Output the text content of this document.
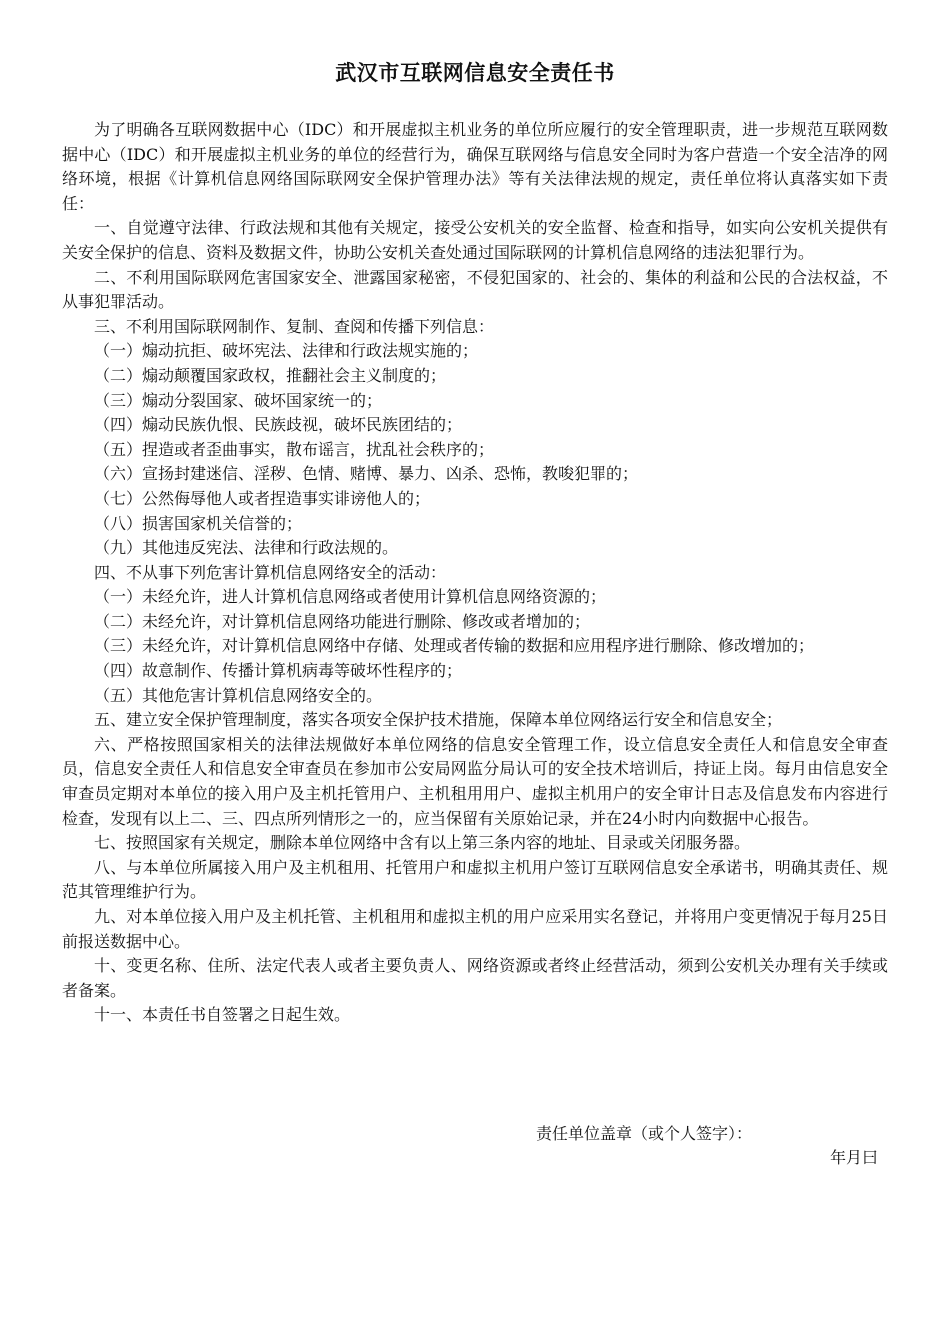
武汉市互联网信息安全责任书

为了明确各互联网数据中心（IDC）和开展虚拟主机业务的单位所应履行的安全管理职责，进一步规范互联网数据中心（IDC）和开展虚拟主机业务的单位的经营行为，确保互联网络与信息安全同时为客户营造一个安全洁净的网络环境，根据《计算机信息网络国际联网安全保护管理办法》等有关法律法规的规定，责任单位将认真落实如下责任：

一、自觉遵守法律、行政法规和其他有关规定，接受公安机关的安全监督、检查和指导，如实向公安机关提供有关安全保护的信息、资料及数据文件，协助公安机关查处通过国际联网的计算机信息网络的违法犯罪行为。

二、不利用国际联网危害国家安全、泄露国家秘密，不侵犯国家的、社会的、集体的利益和公民的合法权益，不从事犯罪活动。

三、不利用国际联网制作、复制、查阅和传播下列信息：

（一）煽动抗拒、破坏宪法、法律和行政法规实施的；

（二）煽动颠覆国家政权，推翻社会主义制度的；

（三）煽动分裂国家、破坏国家统一的；

（四）煽动民族仇恨、民族歧视，破坏民族团结的；

（五）捏造或者歪曲事实，散布谣言，扰乱社会秩序的；

（六）宣扬封建迷信、淫秽、色情、赌博、暴力、凶杀、恐怖，教唆犯罪的；

（七）公然侮辱他人或者捏造事实诽谤他人的；

（八）损害国家机关信誉的；

（九）其他违反宪法、法律和行政法规的。

四、不从事下列危害计算机信息网络安全的活动：

（一）未经允许，进人计算机信息网络或者使用计算机信息网络资源的；

（二）未经允许，对计算机信息网络功能进行删除、修改或者增加的；

（三）未经允许，对计算机信息网络中存储、处理或者传输的数据和应用程序进行删除、修改增加的；

（四）故意制作、传播计算机病毒等破坏性程序的；

（五）其他危害计算机信息网络安全的。

五、建立安全保护管理制度，落实各项安全保护技术措施，保障本单位网络运行安全和信息安全；

六、严格按照国家相关的法律法规做好本单位网络的信息安全管理工作，设立信息安全责任人和信息安全审查员，信息安全责任人和信息安全审查员在参加市公安局网监分局认可的安全技术培训后，持证上岗。每月由信息安全审查员定期对本单位的接入用户及主机托管用户、主机租用用户、虚拟主机用户的安全审计日志及信息发布内容进行检查，发现有以上二、三、四点所列情形之一的，应当保留有关原始记录，并在24小时内向数据中心报告。

七、按照国家有关规定，删除本单位网络中含有以上第三条内容的地址、目录或关闭服务器。

八、与本单位所属接入用户及主机租用、托管用户和虚拟主机用户签订互联网信息安全承诺书，明确其责任、规范其管理维护行为。

九、对本单位接入用户及主机托管、主机租用和虚拟主机的用户应采用实名登记，并将用户变更情况于每月25日前报送数据中心。

十、变更名称、住所、法定代表人或者主要负责人、网络资源或者终止经营活动，须到公安机关办理有关手续或者备案。

十一、本责任书自签署之日起生效。

责任单位盖章（或个人签字）：
年月曰
